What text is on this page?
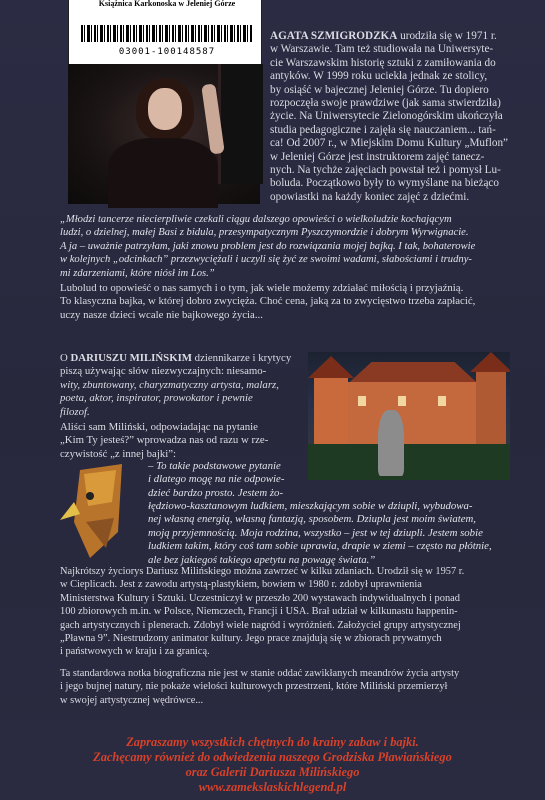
Książnica Karkonoska w Jeleniej Górze
03001-100148587
AGATA SZMIGRODZKA urodziła się w 1971 r.
w Warszawie. Tam też studiowała na Uniwersyte-
cie Warszawskim historię sztuki z zamiłowania do
antyków. W 1999 roku uciekła jednak ze stolicy,
by osiąść w bajecznej Jeleniej Górze. Tu dopiero
rozpoczęła swoje prawdziwe (jak sama stwierdziła)
życie. Na Uniwersytecie Zielonogórskim ukończyła
studia pedagogiczne i zajęła się nauczaniem... tań-
ca! Od 2007 r., w Miejskim Domu Kultury „Muflon”
w Jeleniej Górze jest instruktorem zajęć tanecz-
nych. Na tychże zajęciach powstał też i pomysł Lu-
boluda. Początkowo były to wymyślane na bieżąco
opowiastki na każdy koniec zajęć z dziećmi.
„Młodzi tancerze niecierpliwie czekali ciągu dalszego opowieści o wielkoludzie kochającym
ludzi, o dzielnej, małej Basi z bidula, przesympatycznym Pyszczymordzie i dobrym Wyrwignacie.
A ja – uważnie patrzyłam, jaki znowu problem jest do rozwiązania mojej bajkq. I tak, bohaterowie
w kolejnych „odcinkach” przezwyciężali i uczyli się żyć ze swoimi wadami, słabościami i trudny-
mi zdarzeniami, które niósł im Los.”
Lubolud to opowieść o nas samych i o tym, jak wiele możemy zdziałać miłością i przyjaźnią.
To klasyczna bajka, w której dobro zwycięża. Choć cena, jaką za to zwycięstwo trzeba zapłacić,
uczy nasze dzieci wcale nie bajkowego życia...
O DARIUSZU MILIŃSKIM dziennikarze i krytycy
piszą używając słów niezwyczajnych: niesamo-
wity, zbuntowany, charyzmatyczny artysta, malarz,
poeta, aktor, inspirator, prowokator i pewnie
filozof.
Aliści sam Miliński, odpowiadając na pytanie
„Kim Ty jesteś?” wprowadza nas od razu w rze-
czywistość „z innej bajki”:
– To takie podstawowe pytanie
i dlatego mogę na nie odpowie-
dzieć bardzo prosto. Jestem żo-
łędziowo-kasztanowym ludkiem, mieszkającym sobie w dziupli, wybudowa-
nej własną energią, własną fantazją, sposobem. Dziupla jest moim światem,
moją przyjemnością. Moja rodzina, wszystko – jest w tej dziupli. Jestem sobie
ludkiem takim, który coś tam sobie uprawia, drapie w ziemi – często na płótnie,
ale bez jakiegoś takiego apetytu na powagę świata.”
Najkrótszy życiorys Dariusz Milińskiego można zawrzeć w kilku zdaniach. Urodził się w 1957 r.
w Cieplicach. Jest z zawodu artystą-plastykiem, bowiem w 1980 r. zdobył uprawnienia
Ministerstwa Kultury i Sztuki. Uczestniczył w przeszło 200 wystawach indywidualnych i ponad
100 zbiorowych m.in. w Polsce, Niemczech, Francji i USA. Brał udział w kilkunastu happenin-
gach artystycznych i plenerach. Zdobył wiele nagród i wyróżnień. Założyciel grupy artystycznej
„Pławna 9”. Niestrudzony animator kultury. Jego prace znajdują się w zbiorach prywatnych
i państwowych w kraju i za granicą.
Ta standardowa notka biograficzna nie jest w stanie oddać zawikłanych meandrów życia artysty
i jego bujnej natury, nie pokaże wielości kulturowych przestrzeni, które Miliński przemierzył
w swojej artystycznej wędrówce...
Zapraszamy wszystkich chętnych do krainy zabaw i bajki.
Zachęcamy również do odwiedzenia naszego Grodziska Pławiańskiego
oraz Galerii Dariusza Milińskiego
www.zamekslaskichlegend.pl
